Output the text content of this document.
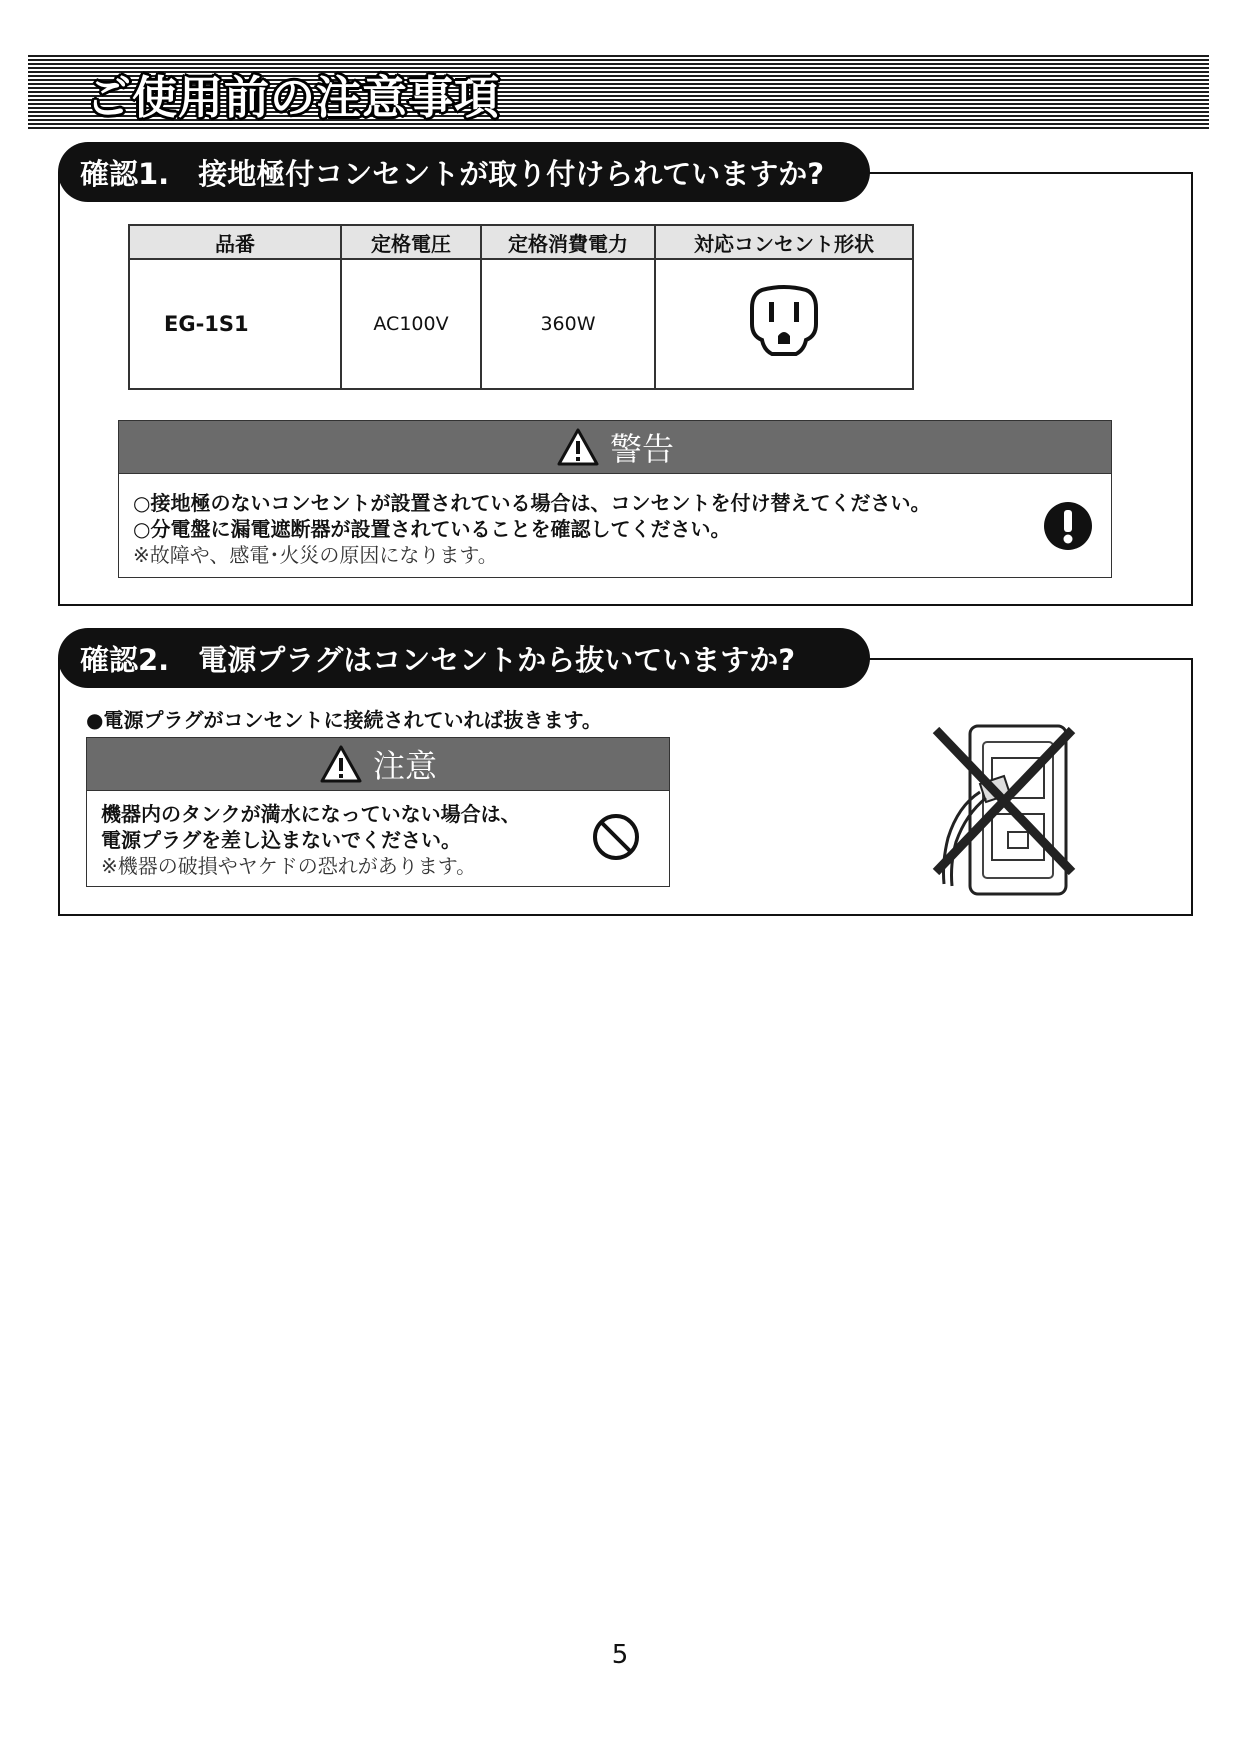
ご使用前の注意事項
確認1.　接地極付コンセントが取り付けられていますか?
品番	定格電圧	定格消費電力	対応コンセント形状
EG-1S1	AC100V	360W	
警告
○接地極のないコンセントが設置されている場合は、コンセントを付け替えてください。
○分電盤に漏電遮断器が設置されていることを確認してください。
※故障や、感電･火災の原因になります。
確認2.　電源プラグはコンセントから抜いていますか?
●電源プラグがコンセントに接続されていれば抜きます。
注意
機器内のタンクが満水になっていない場合は、
電源プラグを差し込まないでください。
※機器の破損やヤケドの恐れがあります。
5
